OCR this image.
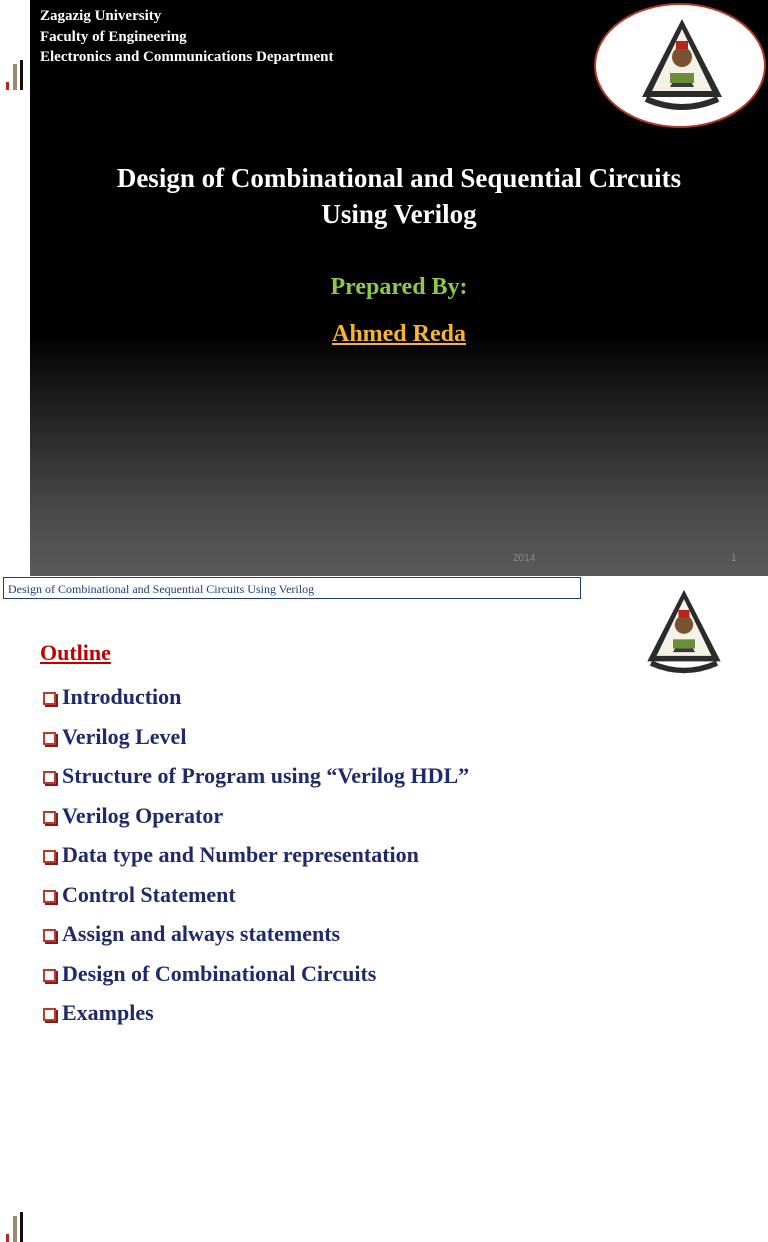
Zagazig University
Faculty of Engineering
Electronics and Communications Department
Design of Combinational and Sequential Circuits
Using Verilog
Prepared By:
Ahmed Reda
2014	1
Design of Combinational and Sequential Circuits Using Verilog
Outline
Introduction
Verilog Level
Structure of Program using “Verilog HDL”
Verilog Operator
Data type and Number representation
Control Statement
Assign and always statements
Design of Combinational Circuits
Examples
